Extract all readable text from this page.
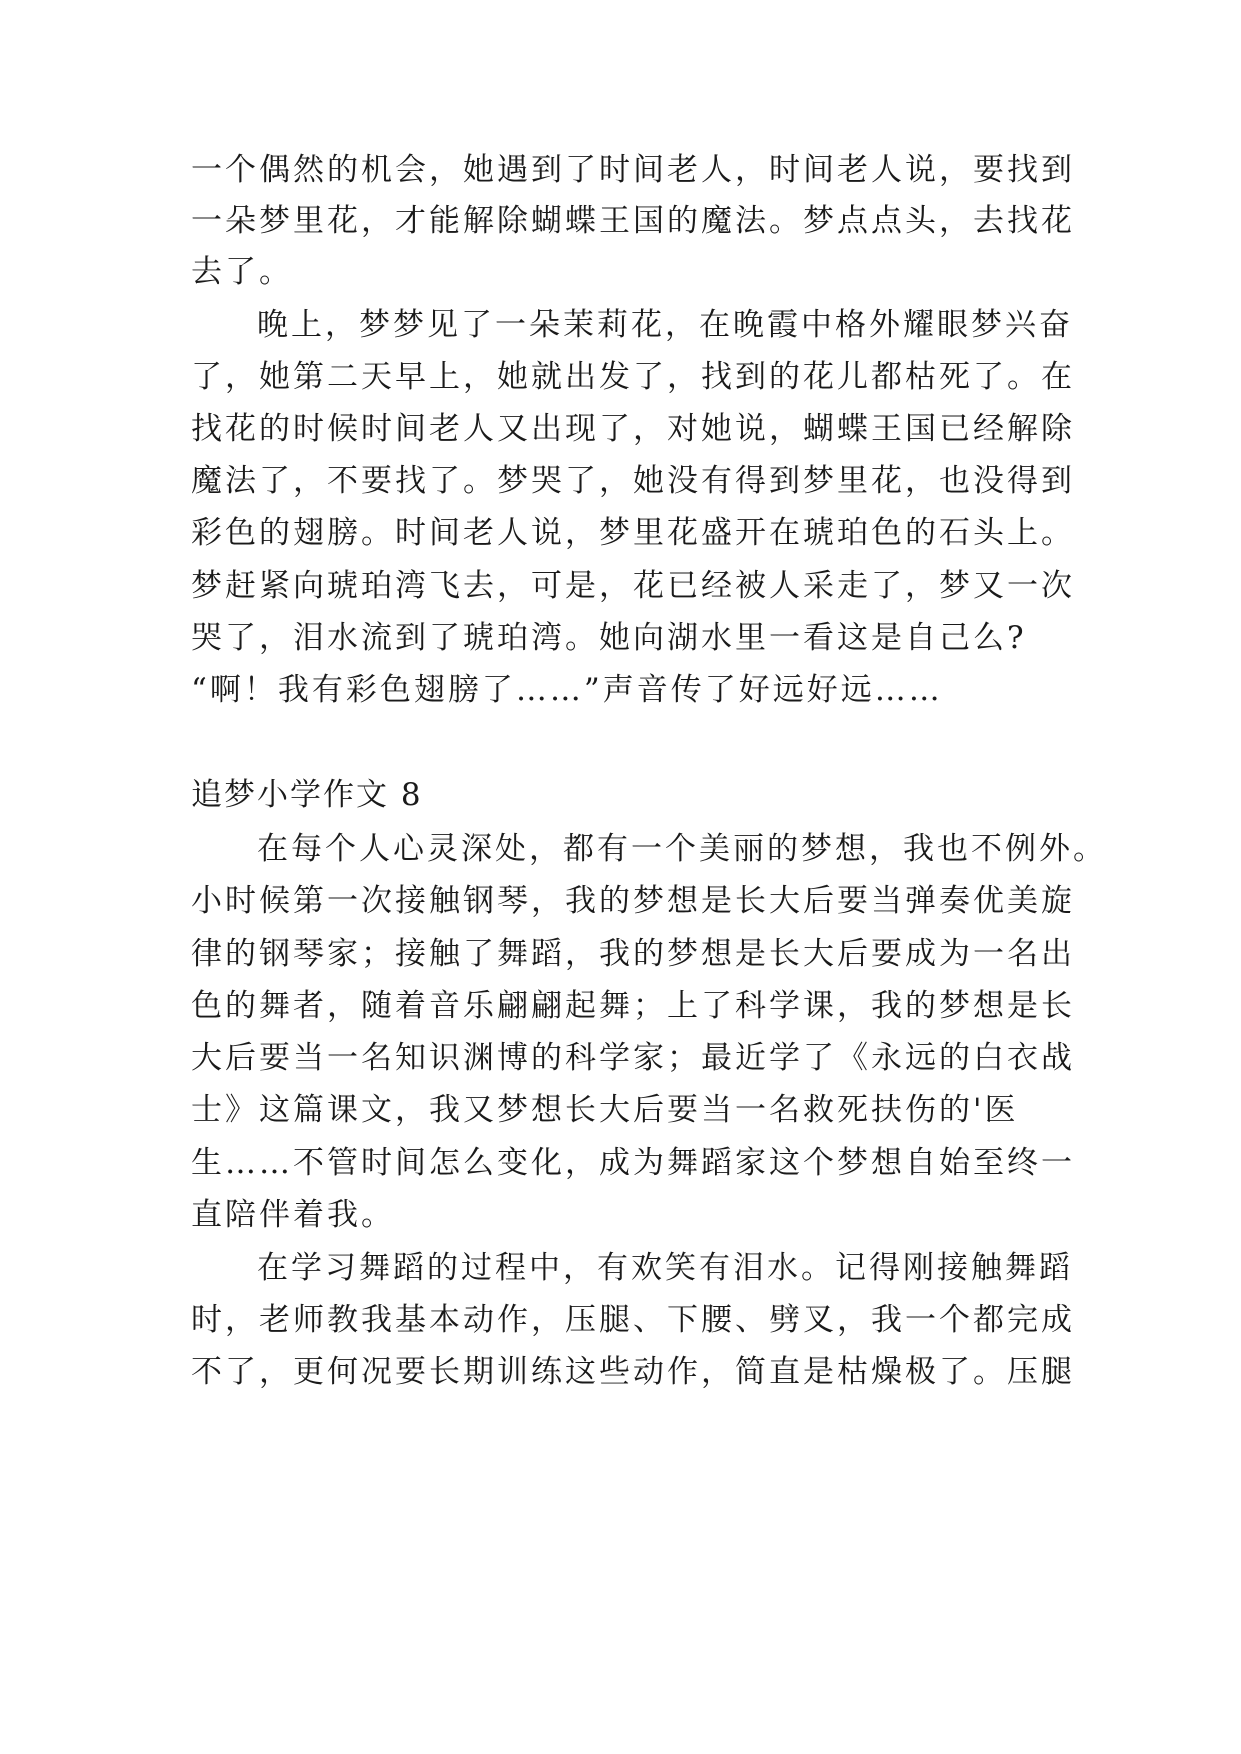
一个偶然的机会，她遇到了时间老人，时间老人说，要找到
一朵梦里花，才能解除蝴蝶王国的魔法。梦点点头，去找花
去了。
晚上，梦梦见了一朵茉莉花，在晚霞中格外耀眼梦兴奋
了，她第二天早上，她就出发了，找到的花儿都枯死了。在
找花的时候时间老人又出现了，对她说，蝴蝶王国已经解除
魔法了，不要找了。梦哭了，她没有得到梦里花，也没得到
彩色的翅膀。时间老人说，梦里花盛开在琥珀色的石头上。
梦赶紧向琥珀湾飞去，可是，花已经被人采走了，梦又一次
哭了，泪水流到了琥珀湾。她向湖水里一看这是自己么?
“啊！我有彩色翅膀了……”声音传了好远好远……
追梦小学作文 8
在每个人心灵深处，都有一个美丽的梦想，我也不例外。
小时候第一次接触钢琴，我的梦想是长大后要当弹奏优美旋
律的钢琴家；接触了舞蹈，我的梦想是长大后要成为一名出
色的舞者，随着音乐翩翩起舞；上了科学课，我的梦想是长
大后要当一名知识渊博的科学家；最近学了《永远的白衣战
士》这篇课文，我又梦想长大后要当一名救死扶伤的'医
生……不管时间怎么变化，成为舞蹈家这个梦想自始至终一
直陪伴着我。
在学习舞蹈的过程中，有欢笑有泪水。记得刚接触舞蹈
时，老师教我基本动作，压腿、下腰、劈叉，我一个都完成
不了，更何况要长期训练这些动作，简直是枯燥极了。压腿
